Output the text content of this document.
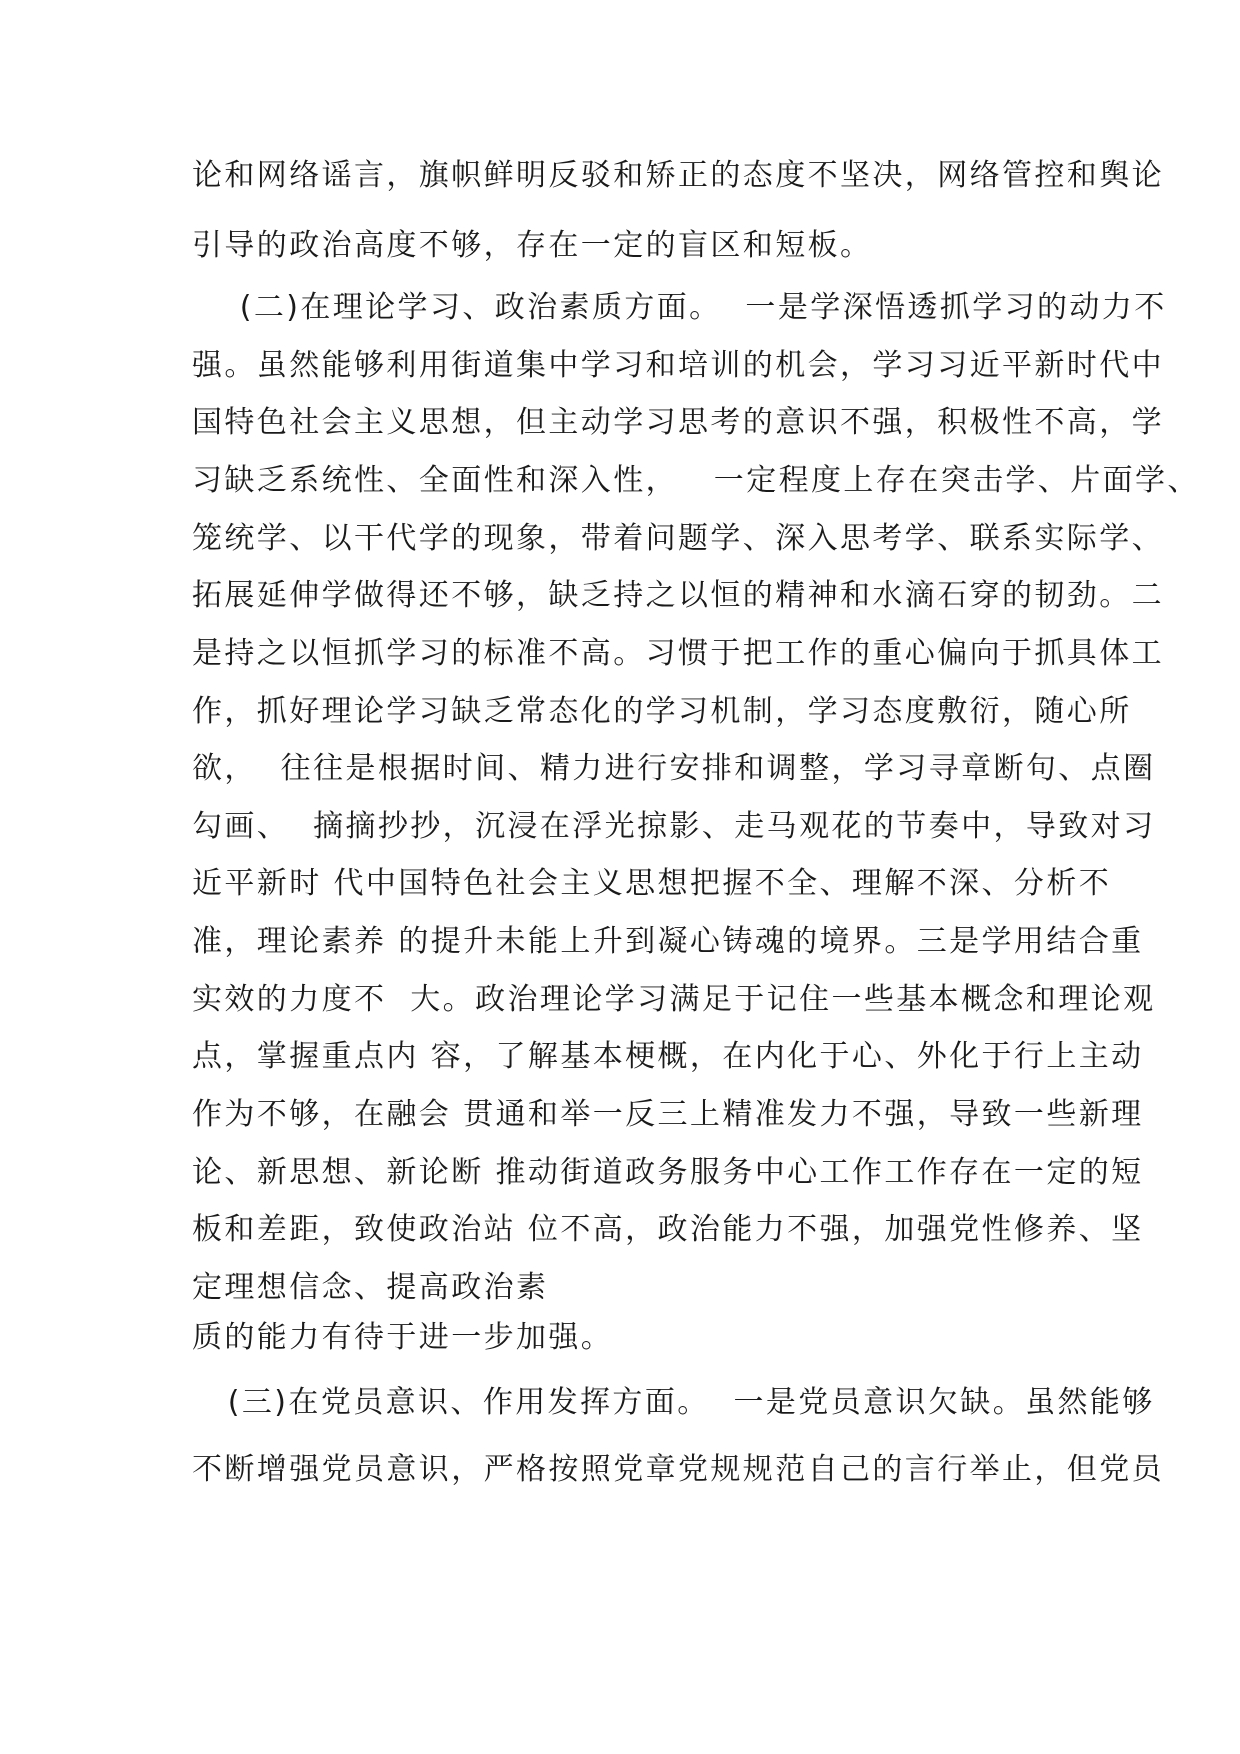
论和网络谣言，旗帜鲜明反驳和矫正的态度不坚决，网络管控和舆论
引导的政治高度不够，存在一定的盲区和短板。
(二)在理论学习、政治素质方面。  一是学深悟透抓学习的动力不
强。虽然能够利用街道集中学习和培训的机会，学习习近平新时代中
国特色社会主义思想，但主动学习思考的意识不强，积极性不高，学
习缺乏系统性、全面性和深入性，   一定程度上存在突击学、片面学、
笼统学、以干代学的现象，带着问题学、深入思考学、联系实际学、
拓展延伸学做得还不够，缺乏持之以恒的精神和水滴石穿的韧劲。二
是持之以恒抓学习的标准不高。习惯于把工作的重心偏向于抓具体工
作，抓好理论学习缺乏常态化的学习机制，学习态度敷衍，随心所
欲，  往往是根据时间、精力进行安排和调整，学习寻章断句、点圈
勾画、  摘摘抄抄，沉浸在浮光掠影、走马观花的节奏中，导致对习
近平新时 代中国特色社会主义思想把握不全、理解不深、分析不
准，理论素养 的提升未能上升到凝心铸魂的境界。三是学用结合重
实效的力度不  大。政治理论学习满足于记住一些基本概念和理论观
点，掌握重点内 容，了解基本梗概，在内化于心、外化于行上主动
作为不够，在融会 贯通和举一反三上精准发力不强，导致一些新理
论、新思想、新论断 推动街道政务服务中心工作工作存在一定的短
板和差距，致使政治站 位不高，政治能力不强，加强党性修养、坚
定理想信念、提高政治素
质的能力有待于进一步加强。
(三)在党员意识、作用发挥方面。  一是党员意识欠缺。虽然能够
不断增强党员意识，严格按照党章党规规范自己的言行举止，但党员
